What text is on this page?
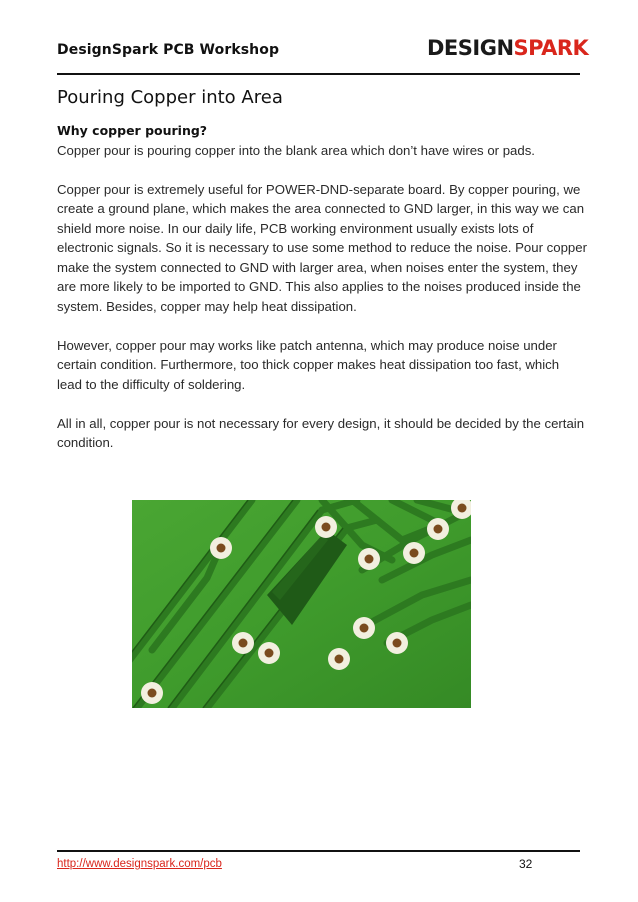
DesignSpark PCB Workshop	DESIGNSPARK
Pouring Copper into Area
Why copper pouring?

Copper pour is pouring copper into the blank area which don’t have wires or pads.

Copper pour is extremely useful for POWER-DND-separate board. By copper pouring, we create a ground plane, which makes the area connected to GND larger, in this way we can shield more noise. In our daily life, PCB working environment usually exists lots of electronic signals. So it is necessary to use some method to reduce the noise. Pour copper make the system connected to GND with larger area, when noises enter the system, they are more likely to be imported to GND. This also applies to the noises produced inside the system. Besides, copper may help heat dissipation.

However, copper pour may works like patch antenna, which may produce noise under certain condition. Furthermore, too thick copper makes heat dissipation too fast, which lead to the difficulty of soldering.

All in all, copper pour is not necessary for every design, it should be decided by the certain condition.

http://www.designspark.com/pcb	32
